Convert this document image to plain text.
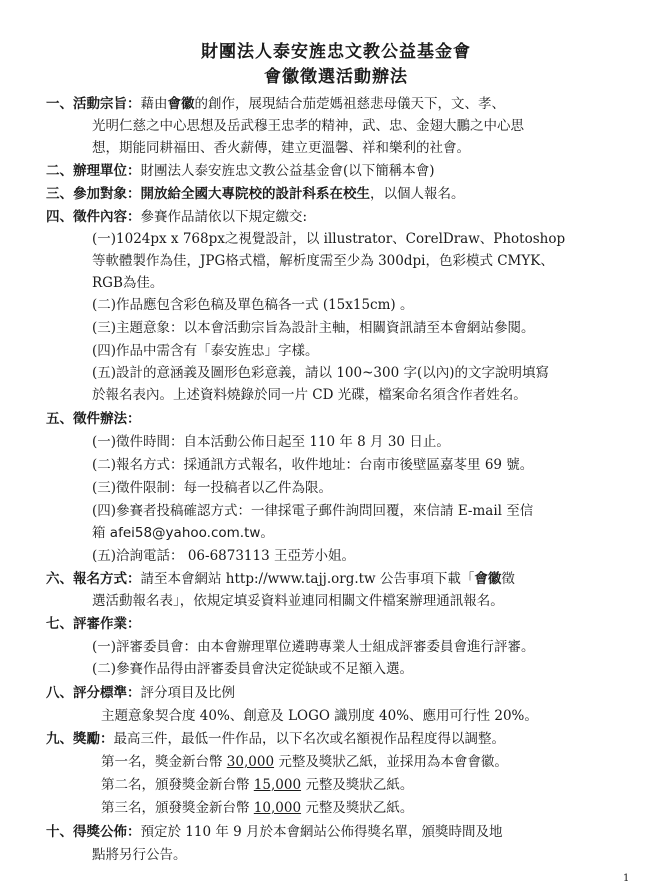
財團法人泰安旌忠文教公益基金會
會徽徵選活動辦法
一、活動宗旨：藉由會徽的創作，展現結合茄萣媽祖慈悲母儀天下，文、孝、
光明仁慈之中心思想及岳武穆王忠孝的精神，武、忠、金翅大鵬之中心思
想，期能同耕福田、香火薪傳，建立更溫馨、祥和樂利的社會。
二、辦理單位：財團法人泰安旌忠文教公益基金會(以下簡稱本會)
三、參加對象：開放給全國大專院校的設計科系在校生，以個人報名。
四、徵件內容：參賽作品請依以下規定繳交:
(一)1024px x 768px之視覺設計，以 illustrator、CorelDraw、Photoshop
等軟體製作為佳，JPG格式檔，解析度需至少為 300dpi，色彩模式 CMYK、
RGB為佳。
(二)作品應包含彩色稿及單色稿各一式 (15x15cm) 。
(三)主題意象：以本會活動宗旨為設計主軸，相關資訊請至本會網站參閱。
(四)作品中需含有「泰安旌忠」字樣。
(五)設計的意涵義及圖形色彩意義，請以 100~300 字(以內)的文字說明填寫
於報名表內。上述資料燒錄於同一片 CD 光碟，檔案命名須含作者姓名。
五、徵件辦法：
(一)徵件時間：自本活動公佈日起至 110 年 8 月 30 日止。
(二)報名方式：採通訊方式報名，收件地址：台南市後壁區嘉苳里 69 號。
(三)徵件限制：每一投稿者以乙件為限。
(四)參賽者投稿確認方式：一律採電子郵件詢問回覆，來信請 E-mail 至信
箱 afei58@yahoo.com.tw。
(五)洽詢電話： 06-6873113 王亞芳小姐。
六、報名方式：請至本會網站 http://www.tajj.org.tw 公告事項下載「會徽徵
選活動報名表」，依規定填妥資料並連同相關文件檔案辦理通訊報名。
七、評審作業：
(一)評審委員會：由本會辦理單位遴聘專業人士組成評審委員會進行評審。
(二)參賽作品得由評審委員會決定從缺或不足額入選。
八、評分標準：評分項目及比例
主題意象契合度 40%、創意及 LOGO 識別度 40%、應用可行性 20%。
九、獎勵：最高三件，最低一件作品，以下名次或名額視作品程度得以調整。
第一名，獎金新台幣 30,000 元整及獎狀乙紙，並採用為本會會徽。
第二名，頒發獎金新台幣 15,000 元整及獎狀乙紙。
第三名，頒發獎金新台幣 10,000 元整及獎狀乙紙。
十、得獎公佈：預定於 110 年 9 月於本會網站公佈得獎名單，頒獎時間及地
點將另行公告。
1
